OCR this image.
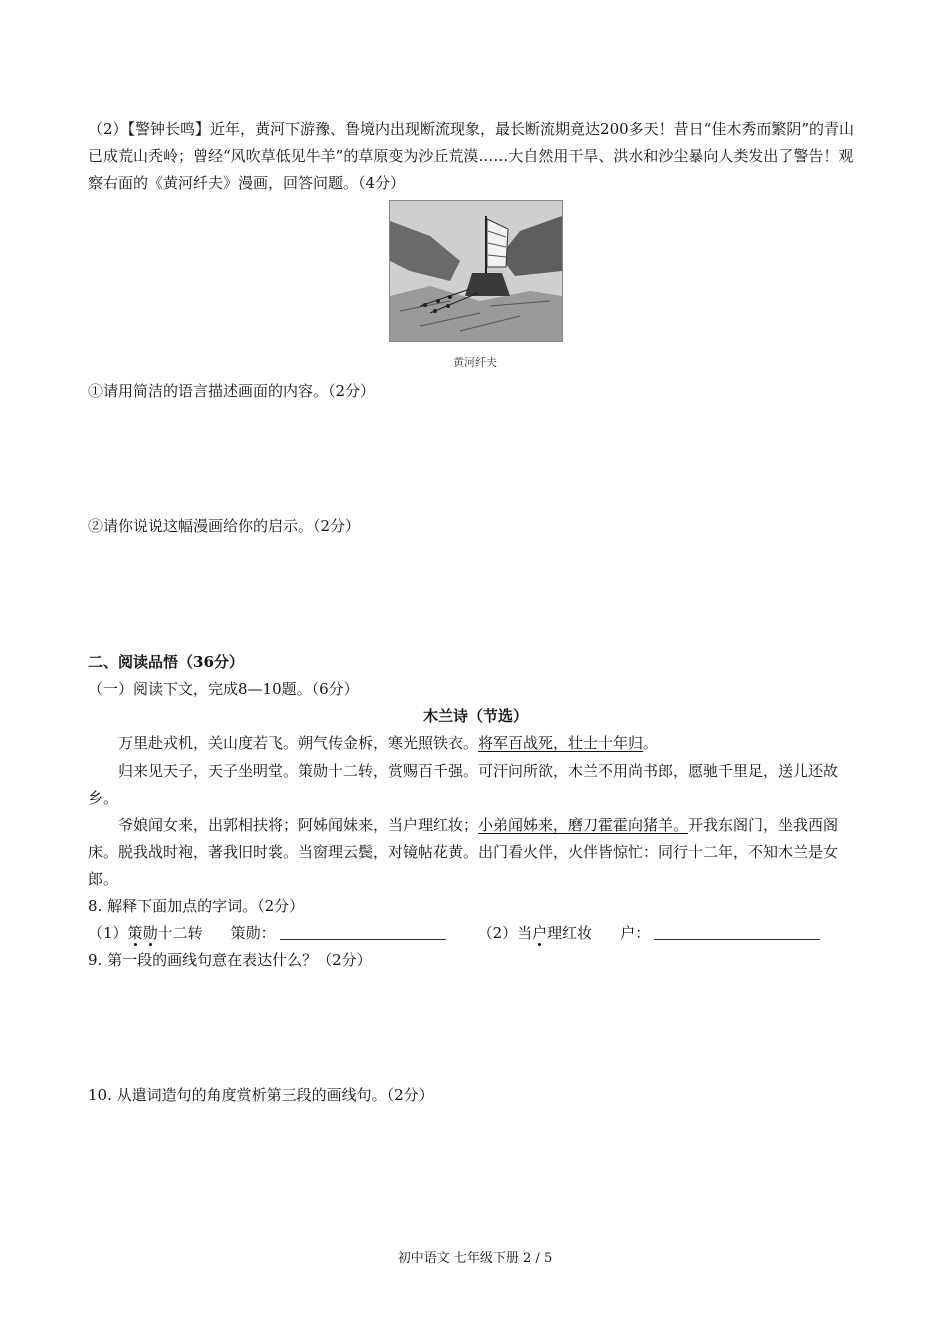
（2）【警钟长鸣】近年，黄河下游豫、鲁境内出现断流现象，最长断流期竟达200多天！昔日“佳木秀而繁阴”的青山已成荒山秃岭；曾经“风吹草低见牛羊”的草原变为沙丘荒漠……大自然用干旱、洪水和沙尘暴向人类发出了警告！观察右面的《黄河纤夫》漫画，回答问题。（4分）

黄河纤夫

①请用简洁的语言描述画面的内容。（2分）

②请你说说这幅漫画给你的启示。（2分）

二、阅读品悟（36分）

（一）阅读下文，完成8—10题。（6分）

木兰诗（节选）

万里赴戎机，关山度若飞。朔气传金柝，寒光照铁衣。将军百战死，壮士十年归。

归来见天子，天子坐明堂。策勋十二转，赏赐百千强。可汗问所欲，木兰不用尚书郎，愿驰千里足，送儿还故乡。

爷娘闻女来，出郭相扶将；阿姊闻妹来，当户理红妆；小弟闻姊来，磨刀霍霍向猪羊。开我东阁门，坐我西阁床。脱我战时袍，著我旧时裳。当窗理云鬓，对镜帖花黄。出门看火伴，火伴皆惊忙：同行十二年，不知木兰是女郎。

8. 解释下面加点的字词。（2分）

（1）策勋十二转 策勋：	（2）当户理红妆 户：

9. 第一段的画线句意在表达什么？（2分）

10. 从遣词造句的角度赏析第三段的画线句。（2分）

初中语文 七年级下册 2 / 5
